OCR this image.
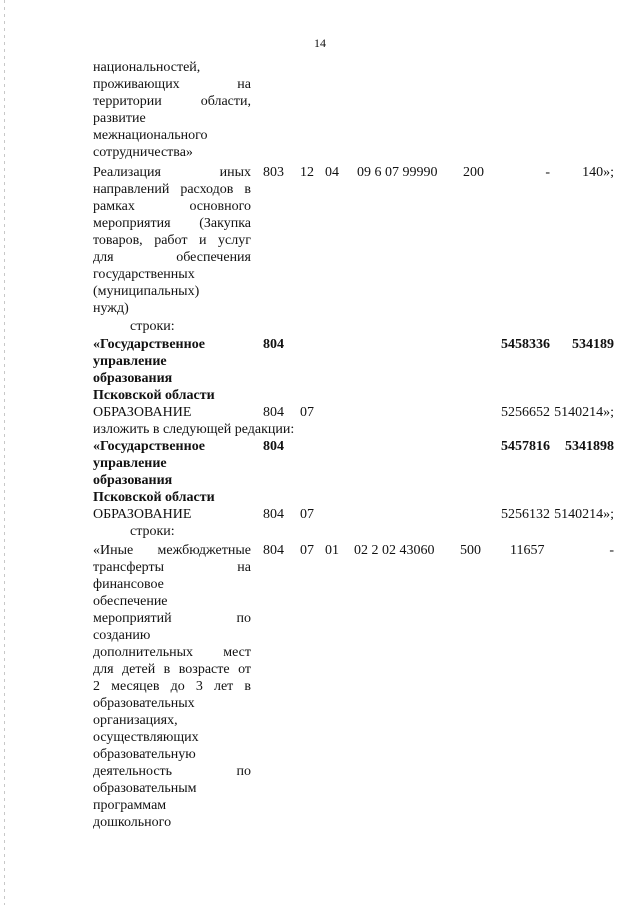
14
национальностей,
проживающих на
территории области,
развитие
межнационального
сотрудничества»
Реализация иных
направлений расходов в
рамках основного
мероприятия (Закупка
товаров, работ и услуг
для обеспечения
государственных
(муниципальных)
нужд)
803 12 04 09 6 07 99990 200	- 140»;
строки:
«Государственное
управление
образования
Псковской области
804	5458336 534189
ОБРАЗОВАНИЕ	804 07	5256652 5140214»;
изложить в следующей редакции:
«Государственное
управление
образования
Псковской области
804	5457816 5341898
ОБРАЗОВАНИЕ	804 07	5256132 5140214»;
строки:
«Иные межбюджетные
трансферты на
финансовое
обеспечение
мероприятий по
созданию
дополнительных мест
для детей в возрасте от
2 месяцев до 3 лет в
образовательных
организациях,
осуществляющих
образовательную
деятельность по
образовательным
программам
дошкольного
804 07 01 02 2 02 43060 500 11657	-
